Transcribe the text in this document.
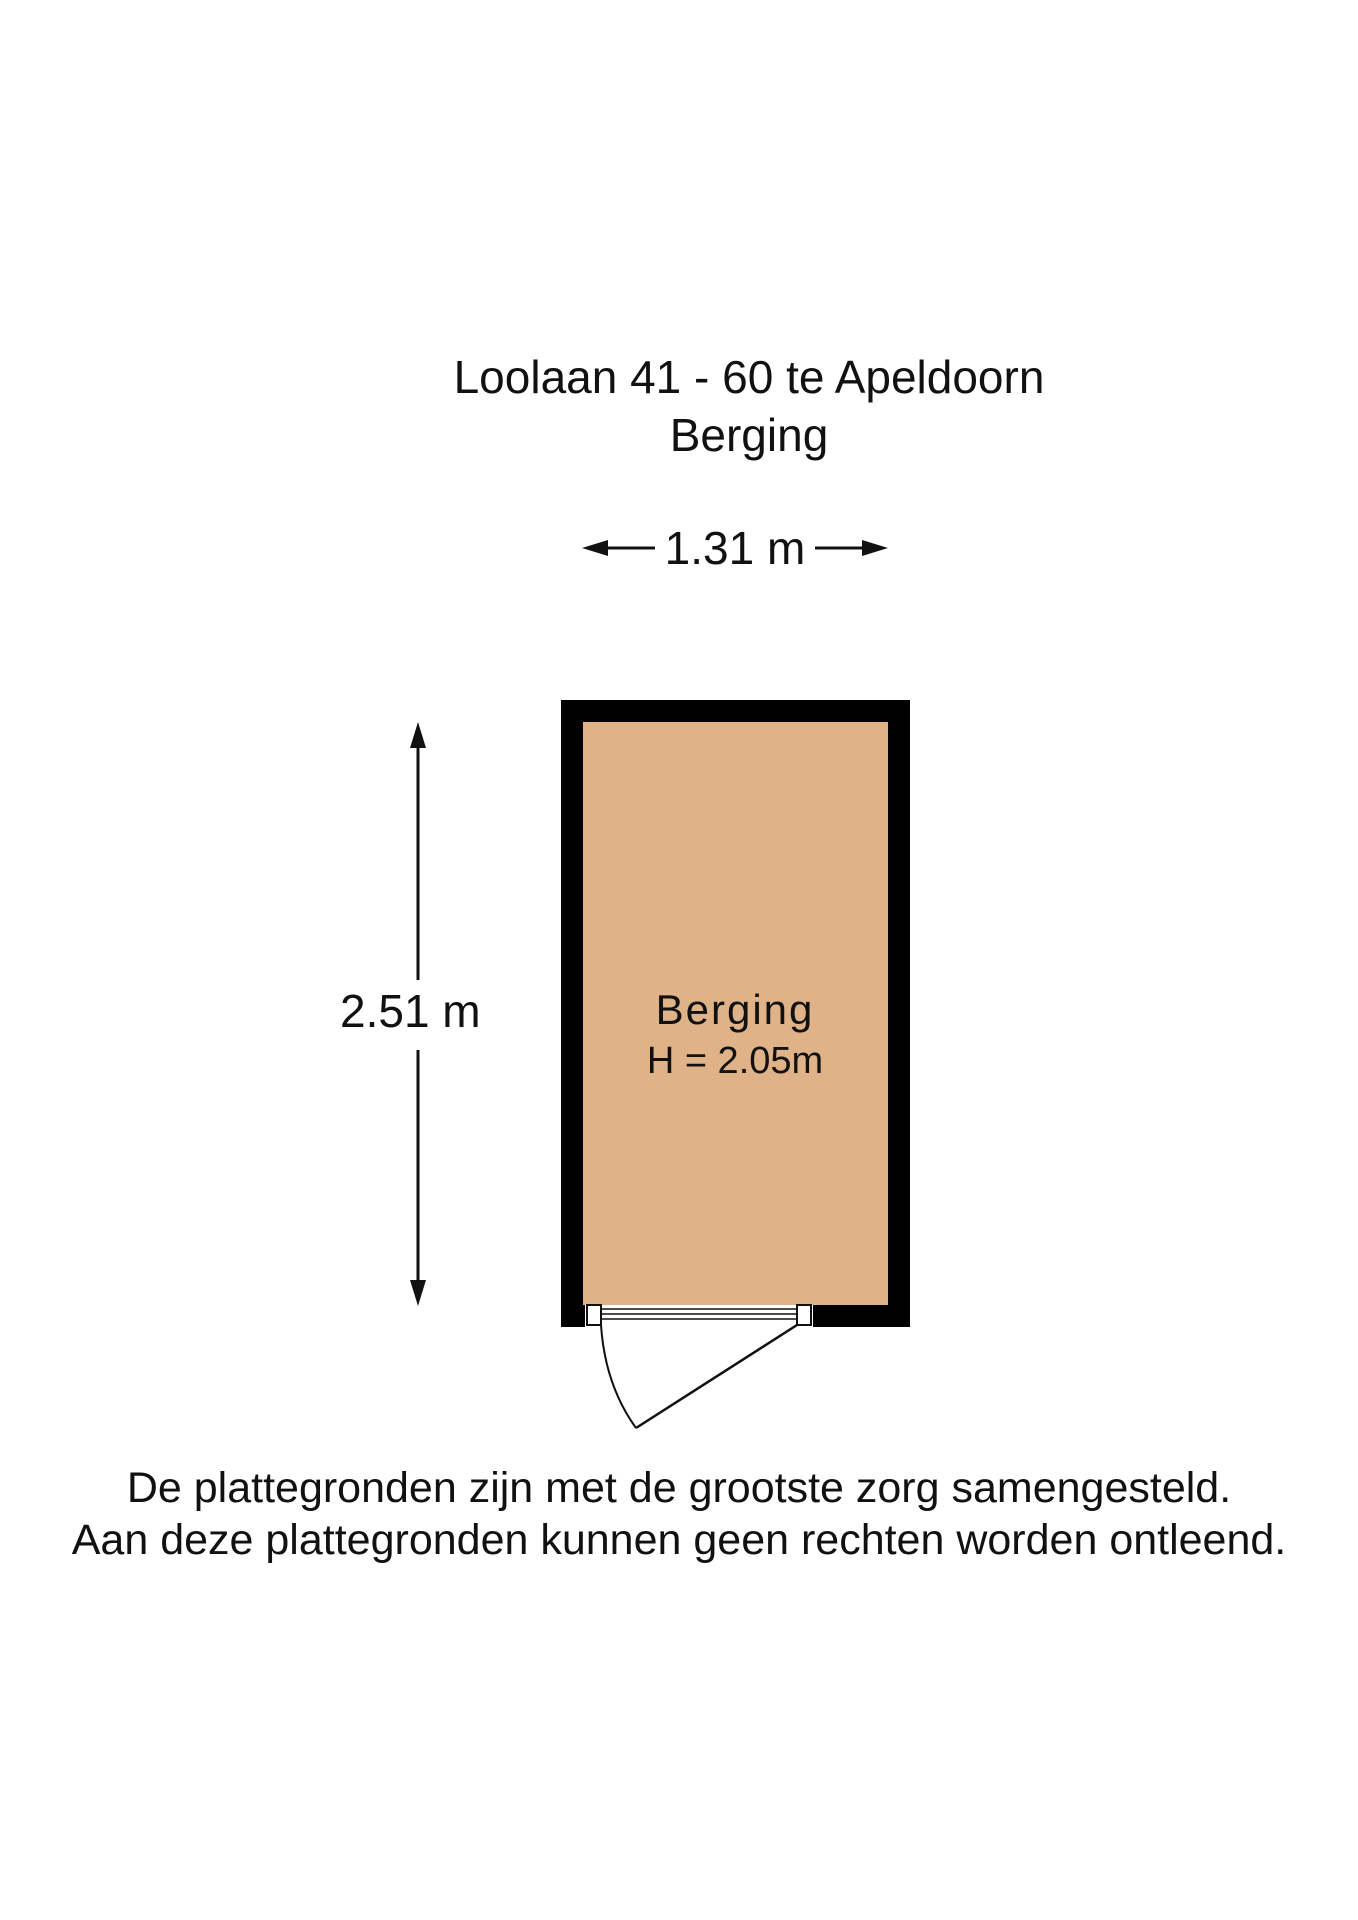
Loolaan 41 - 60 te Apeldoorn
Berging
1.31 m
2.51 m	Berging
H = 2.05m
De plattegronden zijn met de grootste zorg samengesteld.
Aan deze plattegronden kunnen geen rechten worden ontleend.
